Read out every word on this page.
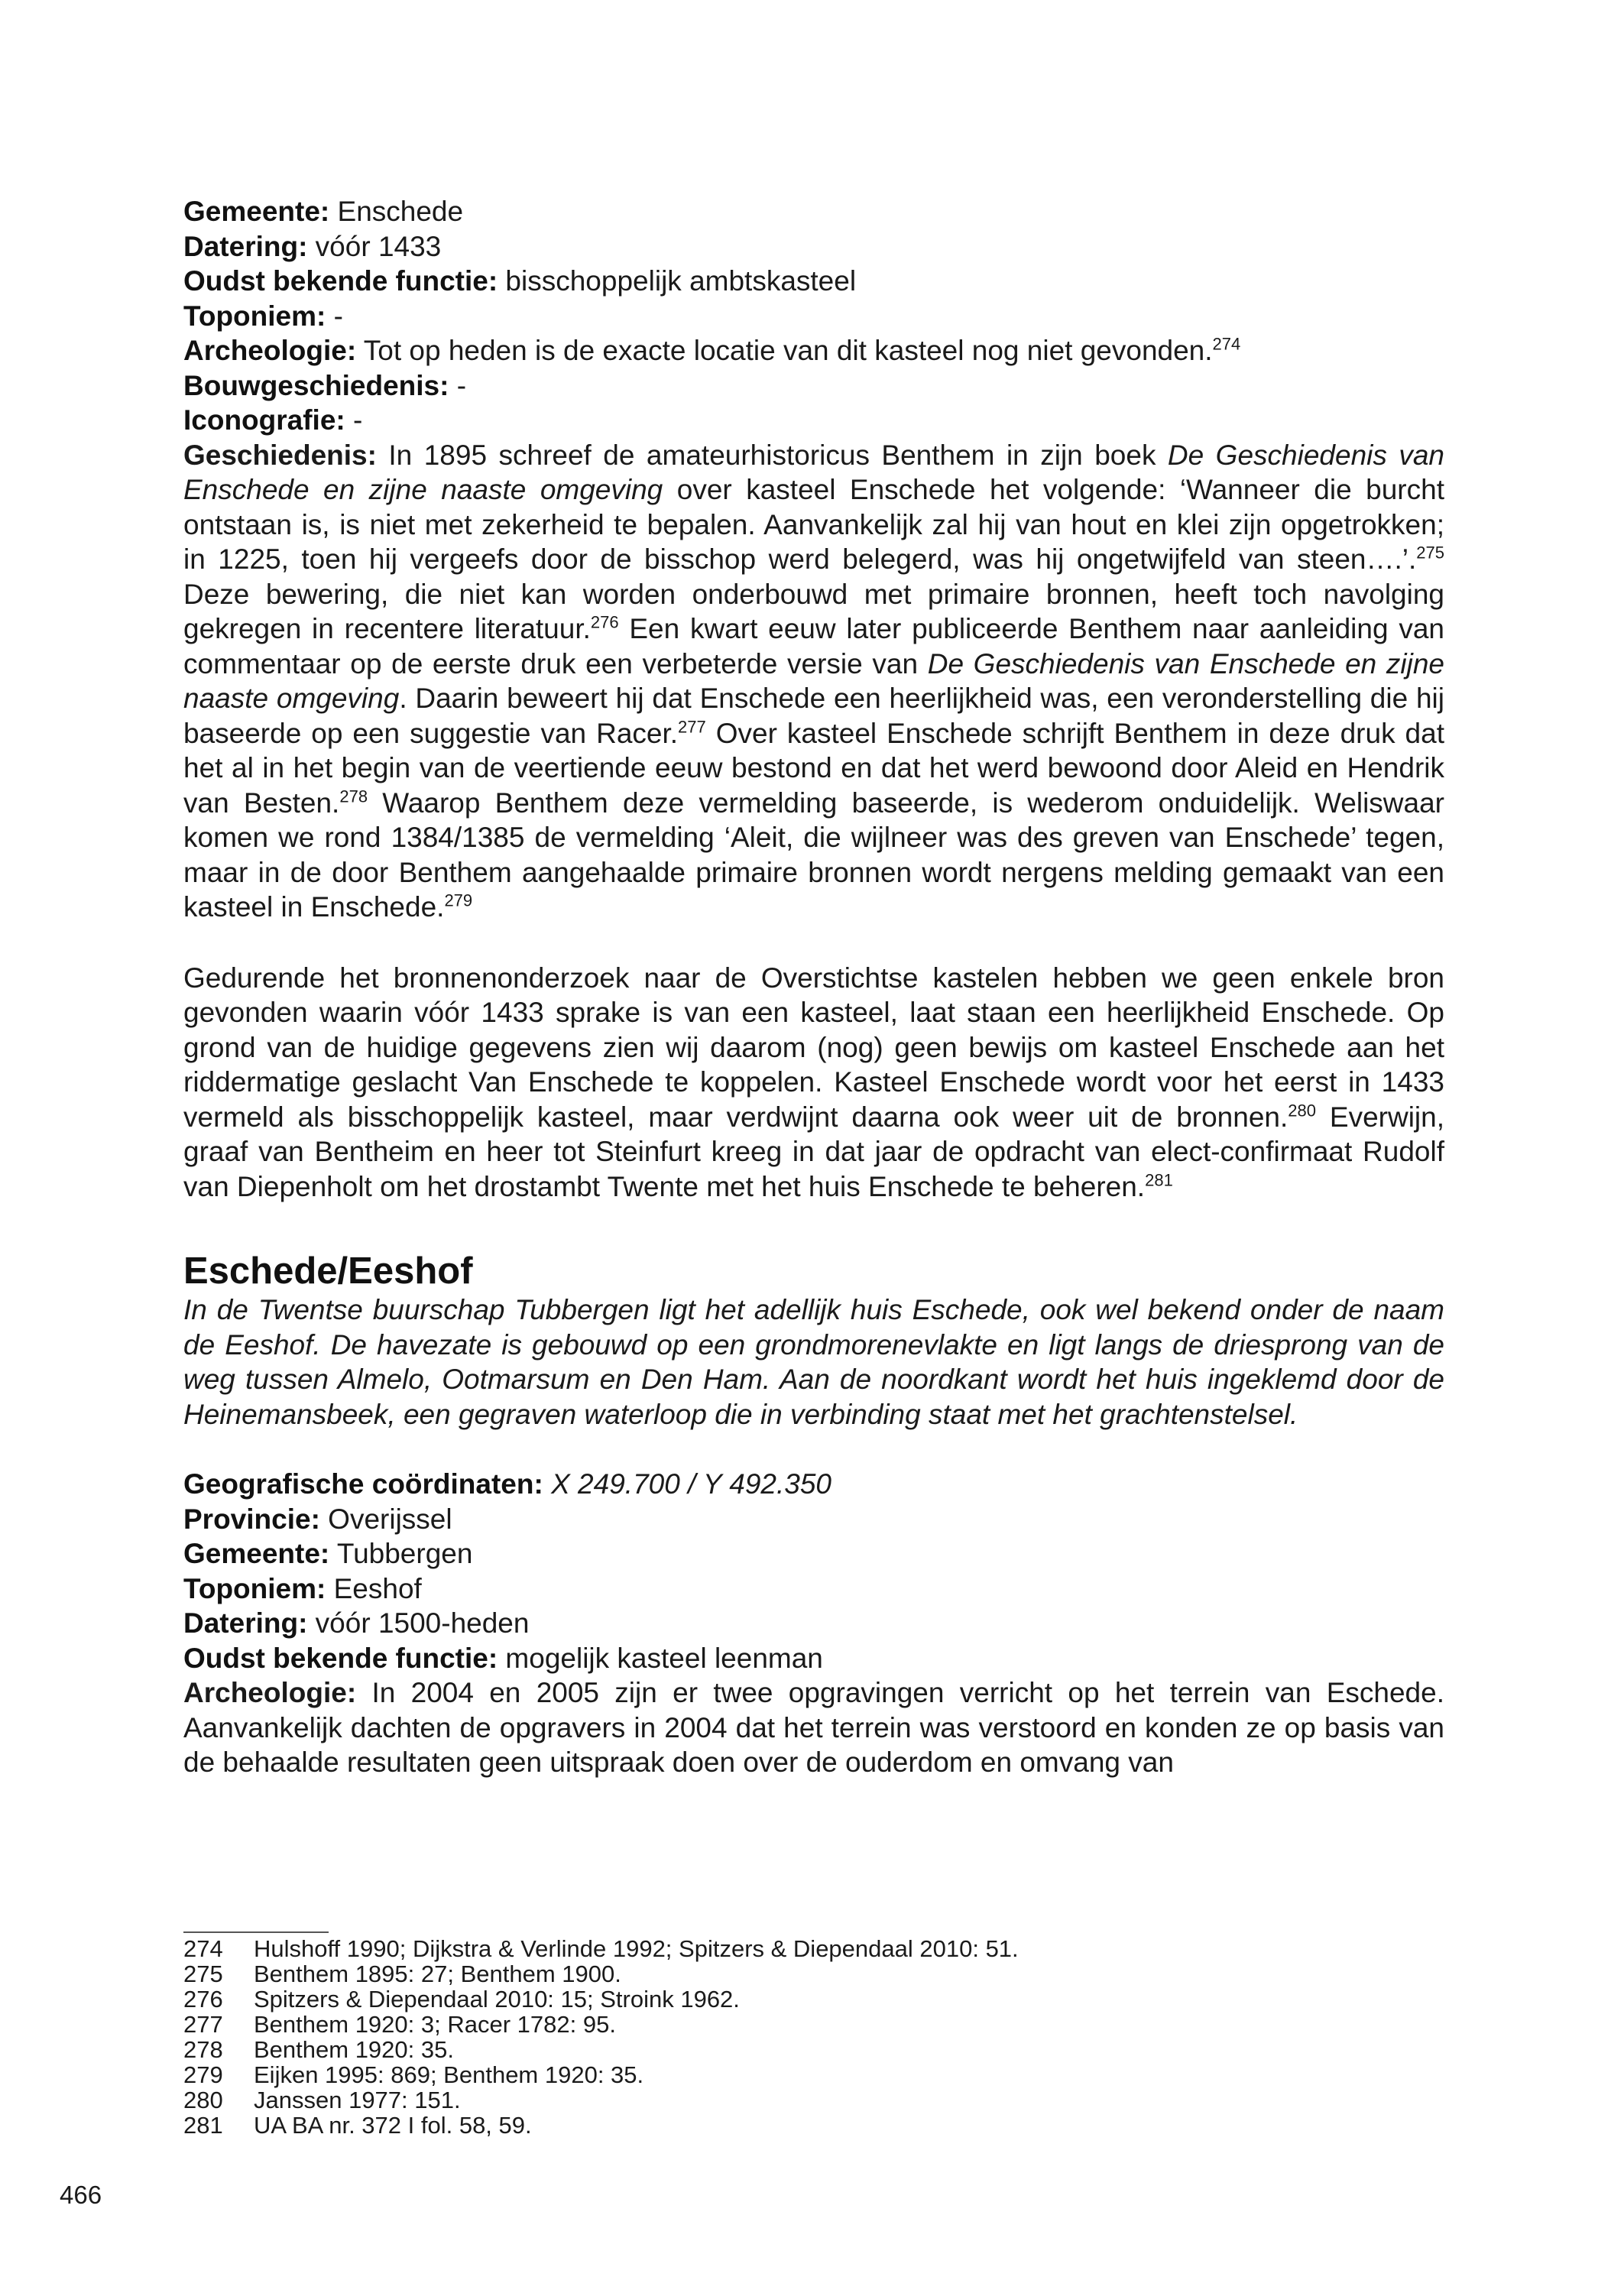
Gemeente: Enschede
Datering: vóór 1433
Oudst bekende functie: bisschoppelijk ambtskasteel
Toponiem: -
Archeologie: Tot op heden is de exacte locatie van dit kasteel nog niet gevonden.$^{274}$
Bouwgeschiedenis: -
Iconografie: -

Geschiedenis: In 1895 schreef de amateurhistoricus Benthem in zijn boek De Geschiedenis van Enschede en zijne naaste omgeving over kasteel Enschede het volgende: ‘Wanneer die burcht ontstaan is, is niet met zekerheid te bepalen. Aanvankelijk zal hij van hout en klei zijn opgetrokken; in 1225, toen hij vergeefs door de bisschop werd belegerd, was hij ongetwijfeld van steen….’.$^{275}$ Deze bewering, die niet kan worden onderbouwd met primaire bronnen, heeft toch navolging gekregen in recentere literatuur.$^{276}$ Een kwart eeuw later publiceerde Benthem naar aanleiding van commentaar op de eerste druk een verbeterde versie van De Geschiedenis van Enschede en zijne naaste omgeving. Daarin beweert hij dat Enschede een heerlijkheid was, een veronderstelling die hij baseerde op een suggestie van Racer.$^{277}$ Over kasteel Enschede schrijft Benthem in deze druk dat het al in het begin van de veertiende eeuw bestond en dat het werd bewoond door Aleid en Hendrik van Besten.$^{278}$ Waarop Benthem deze vermelding baseerde, is wederom onduidelijk. Weliswaar komen we rond 1384/1385 de vermelding ‘Aleit, die wijlneer was des greven van Enschede’ tegen, maar in de door Benthem aangehaalde primaire bronnen wordt nergens melding gemaakt van een kasteel in Enschede.$^{279}$

Gedurende het bronnenonderzoek naar de Overstichtse kastelen hebben we geen enkele bron gevonden waarin vóór 1433 sprake is van een kasteel, laat staan een heerlijkheid Enschede. Op grond van de huidige gegevens zien wij daarom (nog) geen bewijs om kasteel Enschede aan het riddermatige geslacht Van Enschede te koppelen. Kasteel Enschede wordt voor het eerst in 1433 vermeld als bisschoppelijk kasteel, maar verdwijnt daarna ook weer uit de bronnen.$^{280}$ Everwijn, graaf van Bentheim en heer tot Steinfurt kreeg in dat jaar de opdracht van elect-confirmaat Rudolf van Diepenholt om het drostambt Twente met het huis Enschede te beheren.$^{281}$

Eschede/Eeshof

In de Twentse buurschap Tubbergen ligt het adellijk huis Eschede, ook wel bekend onder de naam de Eeshof. De havezate is gebouwd op een grondmorenevlakte en ligt langs de driesprong van de weg tussen Almelo, Ootmarsum en Den Ham. Aan de noordkant wordt het huis ingeklemd door de Heinemansbeek, een gegraven waterloop die in verbinding staat met het grachtenstelsel.

Geografische coördinaten: X 249.700 / Y 492.350
Provincie: Overijssel
Gemeente: Tubbergen
Toponiem: Eeshof
Datering: vóór 1500-heden
Oudst bekende functie: mogelijk kasteel leenman

Archeologie: In 2004 en 2005 zijn er twee opgravingen verricht op het terrein van Eschede. Aanvankelijk dachten de opgravers in 2004 dat het terrein was verstoord en konden ze op basis van de behaalde resultaten geen uitspraak doen over de ouderdom en omvang van

274	Hulshoff 1990; Dijkstra & Verlinde 1992; Spitzers & Diependaal 2010: 51.
275	Benthem 1895: 27; Benthem 1900.
276	Spitzers & Diependaal 2010: 15; Stroink 1962.
277	Benthem 1920: 3; Racer 1782: 95.
278	Benthem 1920: 35.
279	Eijken 1995: 869; Benthem 1920: 35.
280	Janssen 1977: 151.
281	UA BA nr. 372 I fol. 58, 59.
466
